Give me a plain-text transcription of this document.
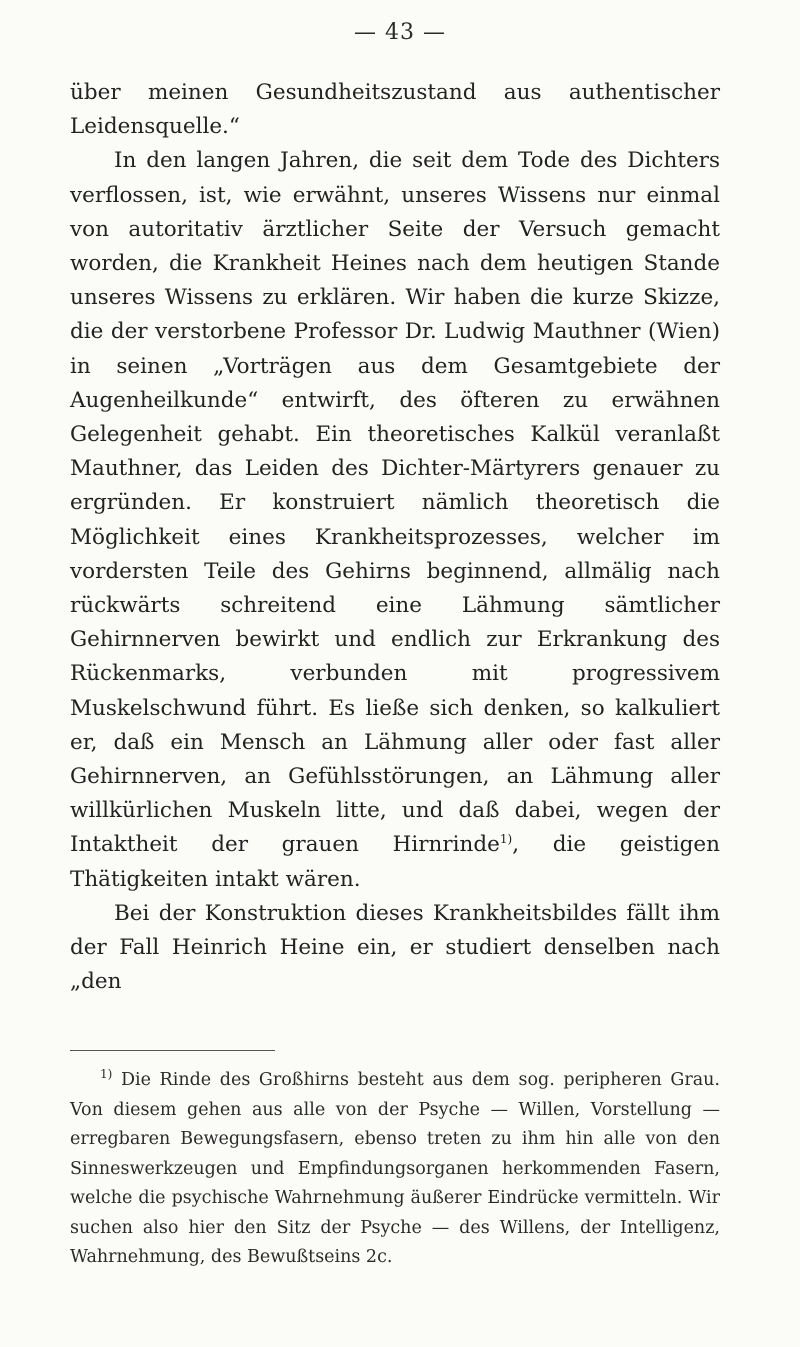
— 43 —

über meinen Gesundheitszustand aus authentischer Leidensquelle.“

In den langen Jahren, die seit dem Tode des Dichters verflossen, ist, wie erwähnt, unseres Wissens nur einmal von autoritativ ärztlicher Seite der Versuch gemacht worden, die Krankheit Heines nach dem heutigen Stande unseres Wissens zu erklären. Wir haben die kurze Skizze, die der verstorbene Professor Dr. Ludwig Mauthner (Wien) in seinen „Vorträgen aus dem Gesamtgebiete der Augenheilkunde“ entwirft, des öfteren zu erwähnen Gelegenheit gehabt. Ein theoretisches Kalkül veranlaßt Mauthner, das Leiden des Dichter-Märtyrers genauer zu ergründen. Er konstruiert nämlich theoretisch die Möglichkeit eines Krankheitsprozesses, welcher im vordersten Teile des Gehirns beginnend, allmälig nach rückwärts schreitend eine Lähmung sämtlicher Gehirnnerven bewirkt und endlich zur Erkrankung des Rückenmarks, verbunden mit progressivem Muskelschwund führt. Es ließe sich denken, so kalkuliert er, daß ein Mensch an Lähmung aller oder fast aller Gehirnnerven, an Gefühlsstörungen, an Lähmung aller willkürlichen Muskeln litte, und daß dabei, wegen der Intaktheit der grauen Hirnrinde$^{1)}$, die geistigen Thätigkeiten intakt wären.

Bei der Konstruktion dieses Krankheitsbildes fällt ihm der Fall Heinrich Heine ein, er studiert denselben nach „den

$^{1)}$ Die Rinde des Großhirns besteht aus dem sog. peripheren Grau. Von diesem gehen aus alle von der Psyche — Willen, Vorstellung — erregbaren Bewegungsfasern, ebenso treten zu ihm hin alle von den Sinneswerkzeugen und Empfindungsorganen herkommenden Fasern, welche die psychische Wahrnehmung äußerer Eindrücke vermitteln. Wir suchen also hier den Sitz der Psyche — des Willens, der Intelligenz, Wahrnehmung, des Bewußtseins 2c.
